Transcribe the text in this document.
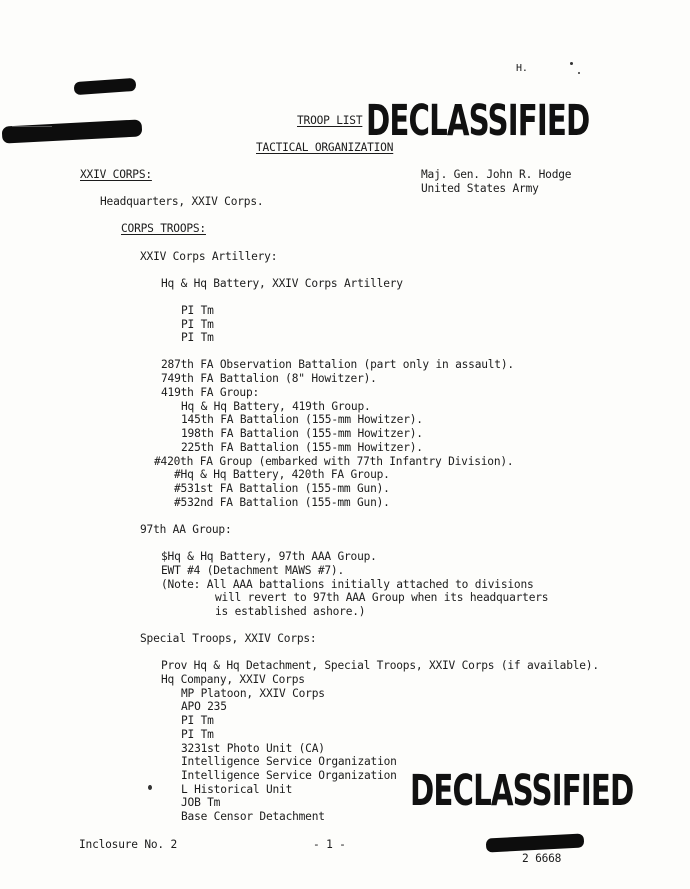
H.
TROOP LIST DECLASSIFIED
TACTICAL ORGANIZATION
Maj. Gen. John R. Hodge
United States Army
XXIV CORPS:
Headquarters, XXIV Corps.
CORPS TROOPS:
XXIV Corps Artillery:
Hq & Hq Battery, XXIV Corps Artillery
PI Tm
PI Tm
PI Tm
287th FA Observation Battalion (part only in assault).
749th FA Battalion (8" Howitzer).
419th FA Group:
Hq & Hq Battery, 419th Group.
145th FA Battalion (155-mm Howitzer).
198th FA Battalion (155-mm Howitzer).
225th FA Battalion (155-mm Howitzer).
#420th FA Group (embarked with 77th Infantry Division).
#Hq & Hq Battery, 420th FA Group.
#531st FA Battalion (155-mm Gun).
#532nd FA Battalion (155-mm Gun).
97th AA Group:
$Hq & Hq Battery, 97th AAA Group.
EWT #4 (Detachment MAWS #7).
(Note: All AAA battalions initially attached to divisions
will revert to 97th AAA Group when its headquarters
is established ashore.)
Special Troops, XXIV Corps:
Prov Hq & Hq Detachment, Special Troops, XXIV Corps (if available).
Hq Company, XXIV Corps
MP Platoon, XXIV Corps
APO 235
PI Tm
PI Tm
3231st Photo Unit (CA)
Intelligence Service Organization
Intelligence Service Organization
L Historical Unit
JOB Tm
Base Censor Detachment
DECLASSIFIED
Inclosure No. 2	- 1 -
2 6668
